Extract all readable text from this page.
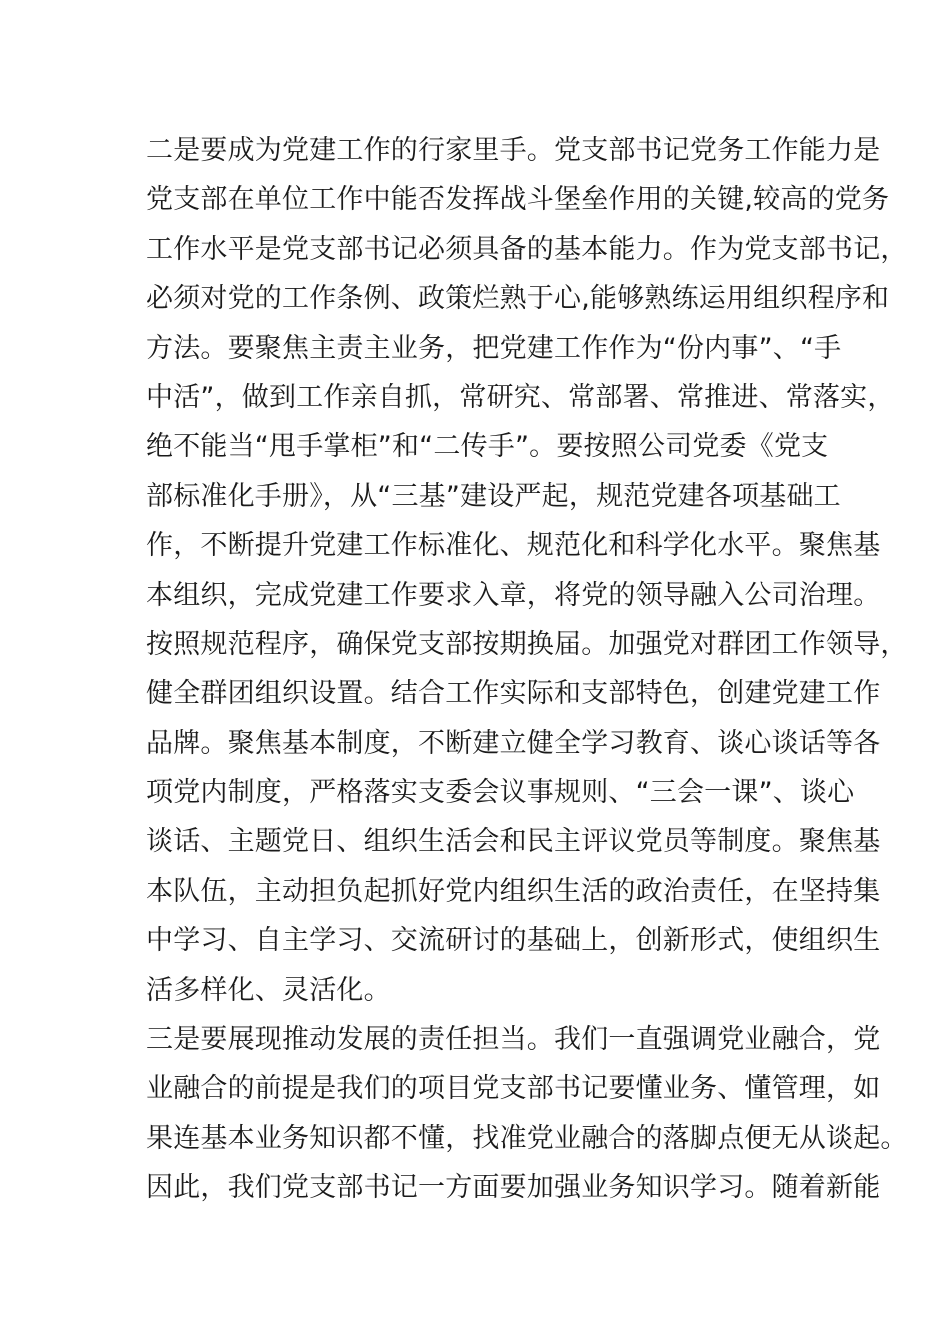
二是要成为党建工作的行家里手。党支部书记党务工作能力是
党支部在单位工作中能否发挥战斗堡垒作用的关键,较高的党务
工作水平是党支部书记必须具备的基本能力。作为党支部书记，
必须对党的工作条例、政策烂熟于心,能够熟练运用组织程序和
方法。要聚焦主责主业务，把党建工作作为“份内事”、“手
中活”，做到工作亲自抓，常研究、常部署、常推进、常落实，
绝不能当“甩手掌柜”和“二传手”。要按照公司党委《党支
部标准化手册》，从“三基”建设严起，规范党建各项基础工
作，不断提升党建工作标准化、规范化和科学化水平。聚焦基
本组织，完成党建工作要求入章，将党的领导融入公司治理。
按照规范程序，确保党支部按期换届。加强党对群团工作领导，
健全群团组织设置。结合工作实际和支部特色，创建党建工作
品牌。聚焦基本制度，不断建立健全学习教育、谈心谈话等各
项党内制度，严格落实支委会议事规则、“三会一课”、谈心
谈话、主题党日、组织生活会和民主评议党员等制度。聚焦基
本队伍，主动担负起抓好党内组织生活的政治责任，在坚持集
中学习、自主学习、交流研讨的基础上，创新形式，使组织生
活多样化、灵活化。
三是要展现推动发展的责任担当。我们一直强调党业融合，党
业融合的前提是我们的项目党支部书记要懂业务、懂管理，如
果连基本业务知识都不懂，找准党业融合的落脚点便无从谈起。
因此，我们党支部书记一方面要加强业务知识学习。随着新能
